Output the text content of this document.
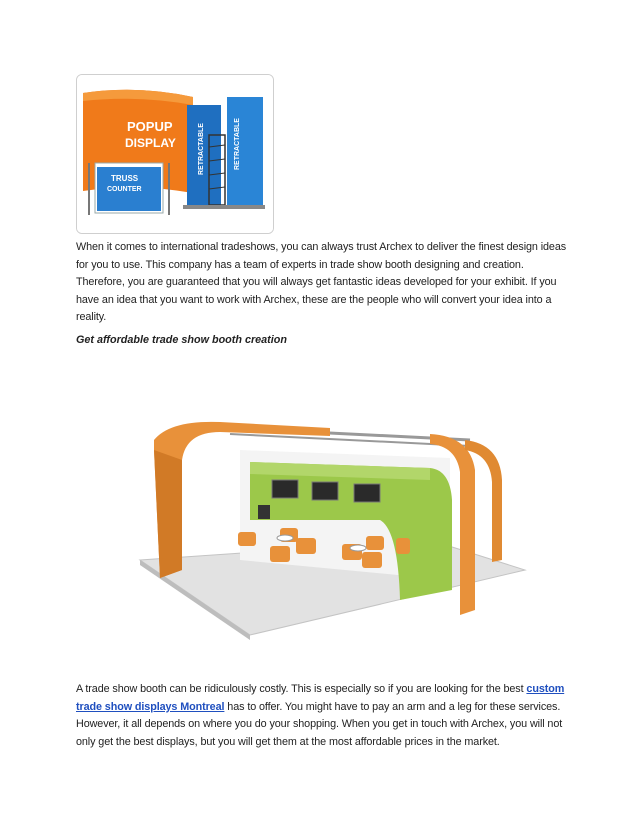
POPUP
DISPLAY
TRUSS
COUNTER
RETRACTABLE
RETRACTABLE
When it comes to international tradeshows, you can always trust Archex to deliver the finest design ideas for you to use. This company has a team of experts in trade show booth designing and creation. Therefore, you are guaranteed that you will always get fantastic ideas developed for your exhibit. If you have an idea that you want to work with Archex, these are the people who will convert your idea into a reality.
Get affordable trade show booth creation
A trade show booth can be ridiculously costly. This is especially so if you are looking for the best custom trade show displays Montreal has to offer. You might have to pay an arm and a leg for these services. However, it all depends on where you do your shopping. When you get in touch with Archex, you will not only get the best displays, but you will get them at the most affordable prices in the market.
